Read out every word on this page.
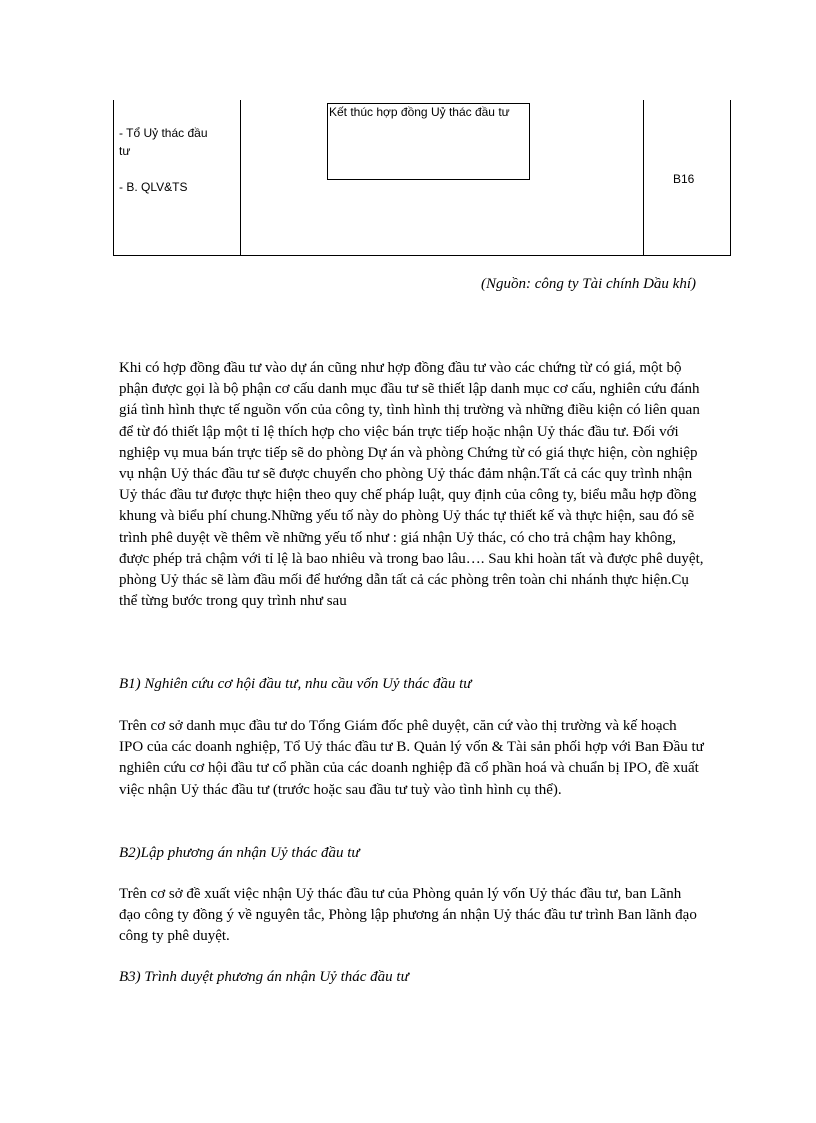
- Tổ Uỷ thác đầu
tư
- B. QLV&TS
Kết thúc hợp đồng Uỷ thác đầu tư
B16
(Nguồn: công ty Tài chính Dầu khí)

Khi có hợp đồng đầu tư vào dự án cũng như hợp đồng đầu tư vào các chứng từ có giá, một bộ phận được gọi là bộ phận cơ cấu danh mục đầu tư sẽ thiết lập danh mục cơ cấu, nghiên cứu đánh giá tình hình thực tế nguồn vốn của công ty, tình hình thị trường và những điều kiện có liên quan để từ đó thiết lập một tỉ lệ thích hợp cho việc bán trực tiếp hoặc nhận Uỷ thác đầu tư. Đối với nghiệp vụ mua bán trực tiếp sẽ do phòng Dự án và phòng Chứng từ có giá thực hiện, còn nghiệp vụ nhận Uỷ thác đầu tư sẽ được chuyển cho phòng Uỷ thác đảm nhận.Tất cả các quy trình nhận Uỷ thác đầu tư được thực hiện theo quy chế pháp luật, quy định của công ty, biểu mẫu hợp đồng khung và biểu phí chung.Những yếu tố này do phòng Uỷ thác tự thiết kế và thực hiện, sau đó sẽ trình phê duyệt về thêm về những yếu tố như : giá nhận Uỷ thác, có cho trả chậm hay không, được phép trả chậm với tỉ lệ là bao nhiêu và trong bao lâu…. Sau khi hoàn tất và được phê duyệt, phòng Uỷ thác sẽ làm đầu mối để hướng dẫn tất cả các phòng trên toàn chi nhánh thực hiện.Cụ thể từng bước trong quy trình như sau

B1) Nghiên cứu cơ hội đầu tư, nhu cầu vốn Uỷ thác đầu tư

Trên cơ sở danh mục đầu tư do Tổng Giám đốc phê duyệt, căn cứ vào thị trường và kế hoạch IPO của các doanh nghiệp, Tổ Uỷ thác đầu tư B. Quản lý vốn & Tài sản phối hợp với Ban Đầu tư nghiên cứu cơ hội đầu tư cổ phần của các doanh nghiệp đã cổ phần hoá và chuẩn bị IPO, đề xuất việc nhận Uỷ thác đầu tư (trước hoặc sau đầu tư tuỳ vào tình hình cụ thể).

B2)Lập phương án nhận Uỷ thác đầu tư

Trên cơ sở đề xuất việc nhận Uỷ thác đầu tư của Phòng quản lý vốn Uỷ thác đầu tư, ban Lãnh đạo công ty đồng ý về nguyên tắc, Phòng lập phương án nhận Uỷ thác đầu tư trình Ban lãnh đạo công ty phê duyệt.

B3) Trình duyệt phương án nhận Uỷ thác đầu tư
